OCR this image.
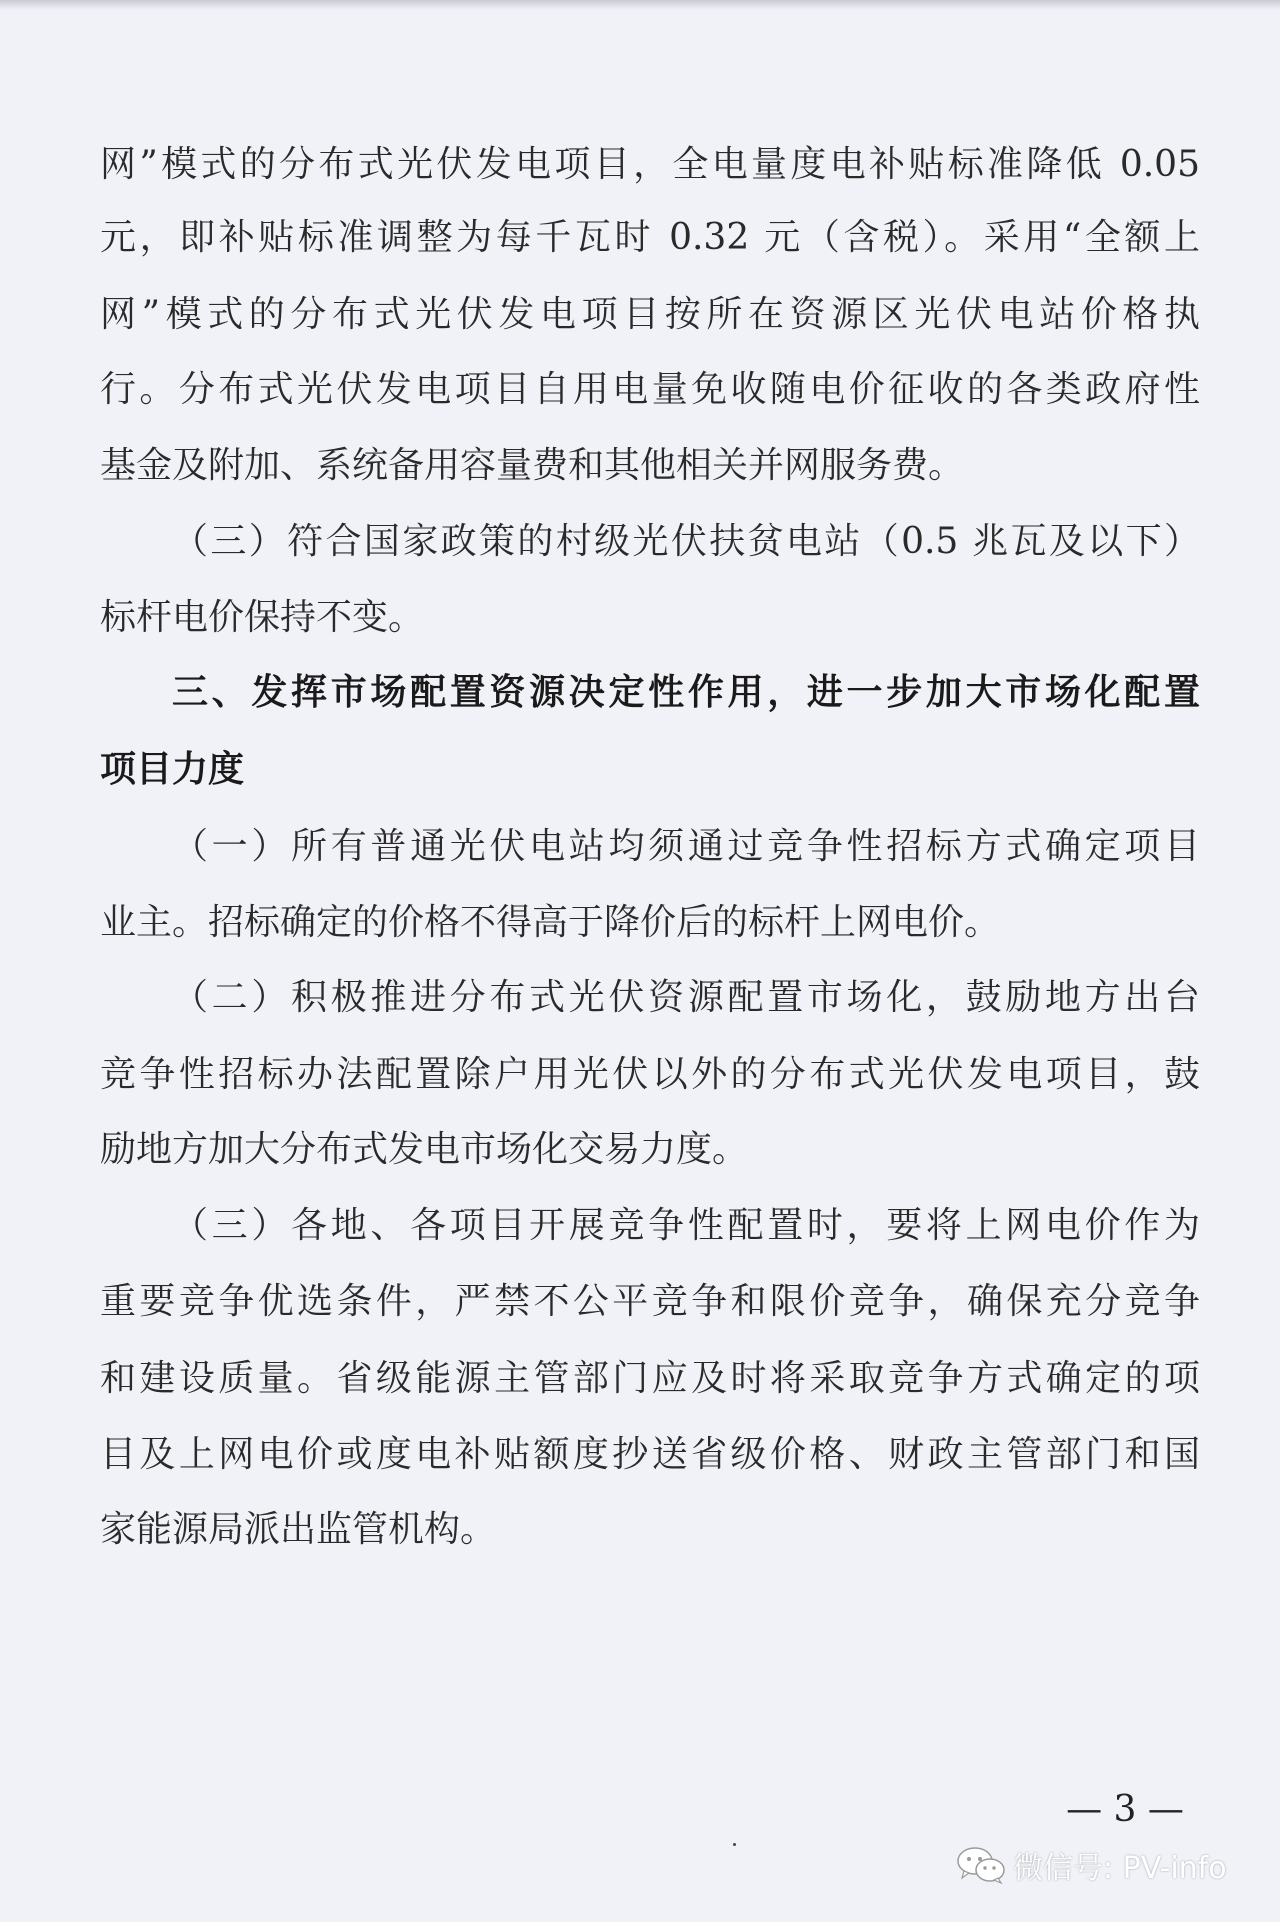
网”模式的分布式光伏发电项目，全电量度电补贴标准降低 0.05
元，即补贴标准调整为每千瓦时 0.32 元（含税）。采用“全额上
网”模式的分布式光伏发电项目按所在资源区光伏电站价格执
行。分布式光伏发电项目自用电量免收随电价征收的各类政府性
基金及附加、系统备用容量费和其他相关并网服务费。
（三）符合国家政策的村级光伏扶贫电站（0.5 兆瓦及以下）
标杆电价保持不变。
三、发挥市场配置资源决定性作用，进一步加大市场化配置
项目力度
（一）所有普通光伏电站均须通过竞争性招标方式确定项目
业主。招标确定的价格不得高于降价后的标杆上网电价。
（二）积极推进分布式光伏资源配置市场化，鼓励地方出台
竞争性招标办法配置除户用光伏以外的分布式光伏发电项目，鼓
励地方加大分布式发电市场化交易力度。
（三）各地、各项目开展竞争性配置时，要将上网电价作为
重要竞争优选条件，严禁不公平竞争和限价竞争，确保充分竞争
和建设质量。省级能源主管部门应及时将采取竞争方式确定的项
目及上网电价或度电补贴额度抄送省级价格、财政主管部门和国
家能源局派出监管机构。
— 3 —
微信号: PV-info
